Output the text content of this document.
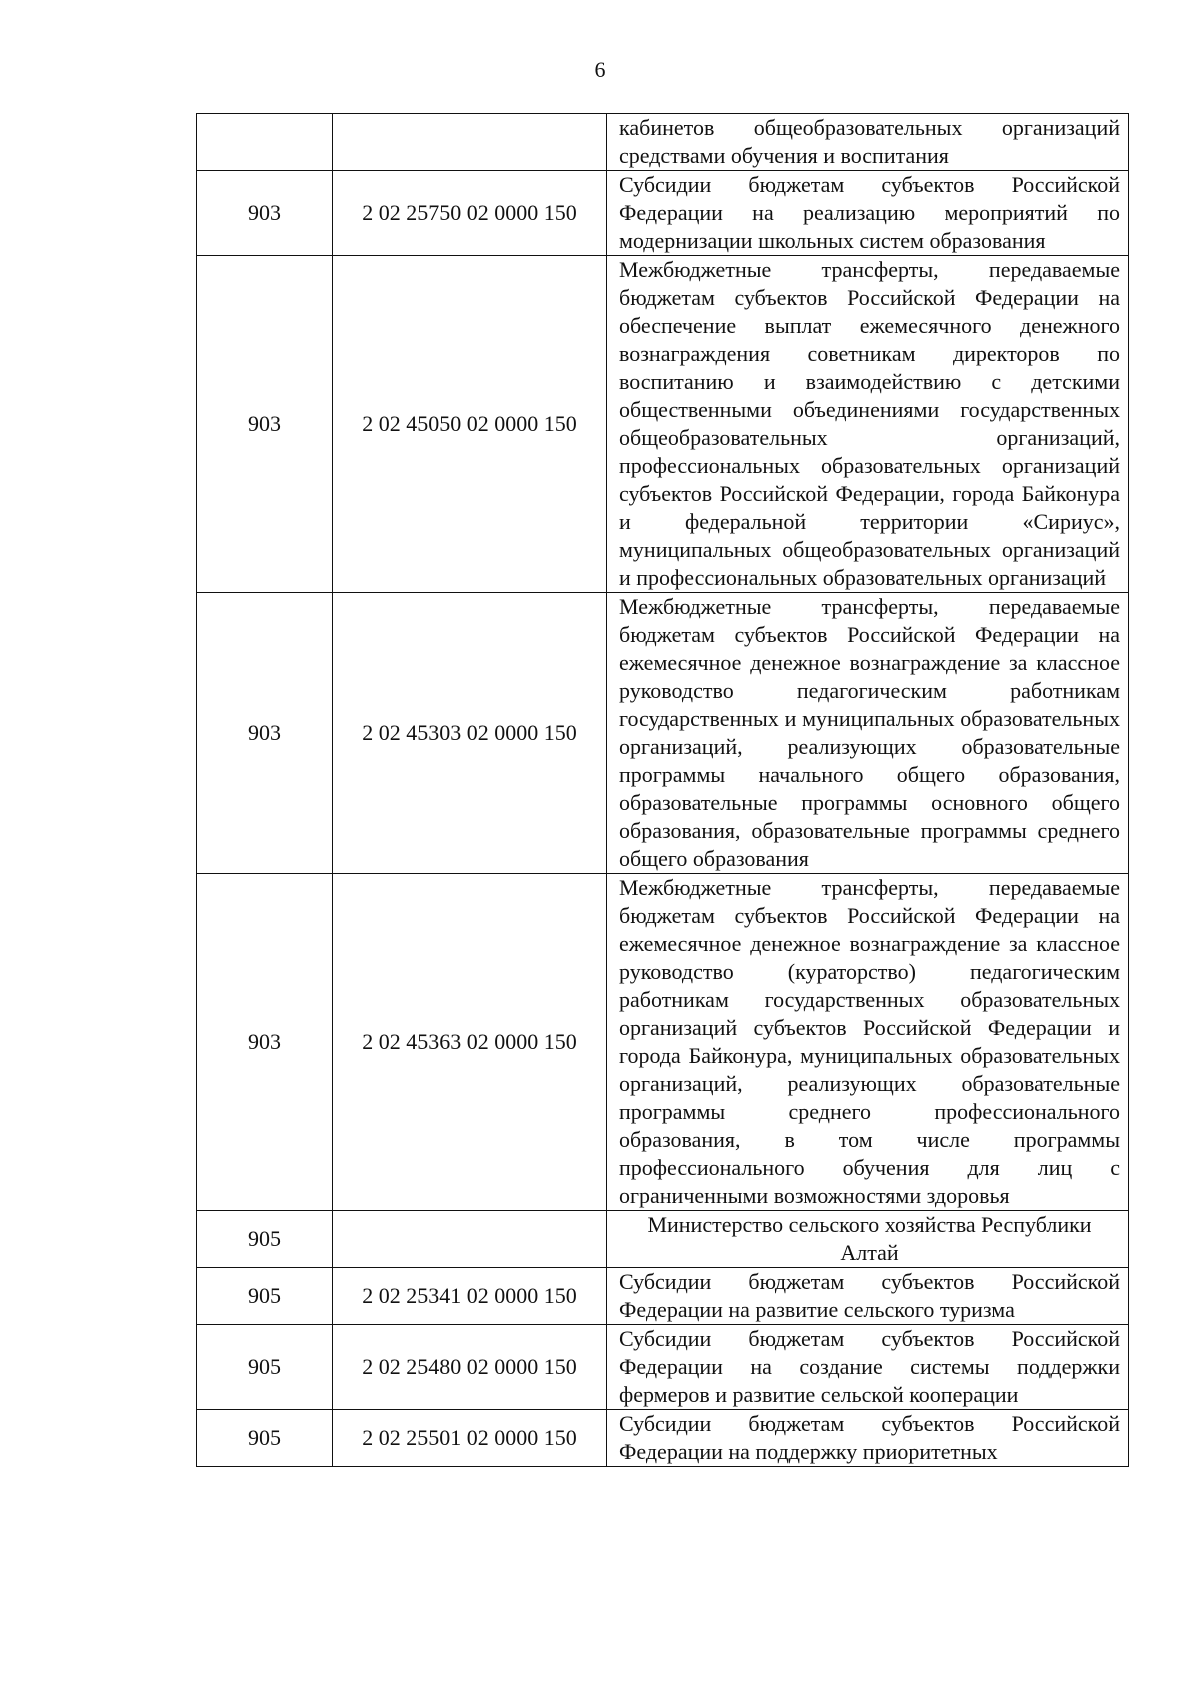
6
		кабинетов общеобразовательных организаций средствами обучения и воспитания
903	2 02 25750 02 0000 150	Субсидии бюджетам субъектов Российской Федерации на реализацию мероприятий по модернизации школьных систем образования
903	2 02 45050 02 0000 150	Межбюджетные трансферты, передаваемые бюджетам субъектов Российской Федерации на обеспечение выплат ежемесячного денежного вознаграждения советникам директоров по воспитанию и взаимодействию с детскими общественными объединениями государственных общеобразовательных организаций, профессиональных образовательных организаций субъектов Российской Федерации, города Байконура и федеральной территории «Сириус», муниципальных общеобразовательных организаций и профессиональных образовательных организаций
903	2 02 45303 02 0000 150	Межбюджетные трансферты, передаваемые бюджетам субъектов Российской Федерации на ежемесячное денежное вознаграждение за классное руководство педагогическим работникам государственных и муниципальных образовательных организаций, реализующих образовательные программы начального общего образования, образовательные программы основного общего образования, образовательные программы среднего общего образования
903	2 02 45363 02 0000 150	Межбюджетные трансферты, передаваемые бюджетам субъектов Российской Федерации на ежемесячное денежное вознаграждение за классное руководство (кураторство) педагогическим работникам государственных образовательных организаций субъектов Российской Федерации и города Байконура, муниципальных образовательных организаций, реализующих образовательные программы среднего профессионального образования, в том числе программы профессионального обучения для лиц с ограниченными возможностями здоровья
905		Министерство сельского хозяйства Республики Алтай
905	2 02 25341 02 0000 150	Субсидии бюджетам субъектов Российской Федерации на развитие сельского туризма
905	2 02 25480 02 0000 150	Субсидии бюджетам субъектов Российской Федерации на создание системы поддержки фермеров и развитие сельской кооперации
905	2 02 25501 02 0000 150	Субсидии бюджетам субъектов Российской Федерации на поддержку приоритетных
